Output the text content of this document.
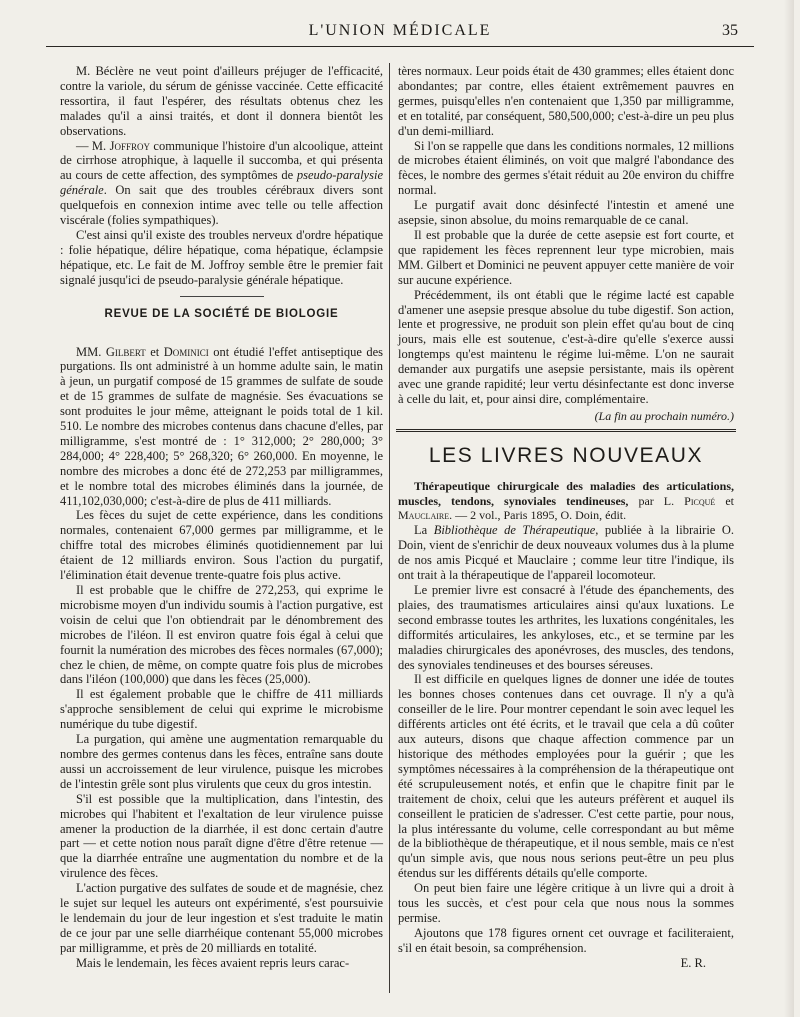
L'UNION MÉDICALE	35

M. Béclère ne veut point d'ailleurs préjuger de l'efficacité, contre la variole, du sérum de génisse vaccinée. Cette efficacité ressortira, il faut l'espérer, des résultats obtenus chez les malades qu'il a ainsi traités, et dont il donnera bientôt les observations.

— M. Joffroy communique l'histoire d'un alcoolique, atteint de cirrhose atrophique, à laquelle il succomba, et qui présenta au cours de cette affection, des symptômes de pseudo-paralysie générale. On sait que des troubles cérébraux divers sont quelquefois en connexion intime avec telle ou telle affection viscérale (folies sympathiques).

C'est ainsi qu'il existe des troubles nerveux d'ordre hépatique : folie hépatique, délire hépatique, coma hépatique, éclampsie hépatique, etc. Le fait de M. Joffroy semble être le premier fait signalé jusqu'ici de pseudo-paralysie générale hépatique.

REVUE DE LA SOCIÉTÉ DE BIOLOGIE

MM. Gilbert et Dominici ont étudié l'effet antiseptique des purgations. Ils ont administré à un homme adulte sain, le matin à jeun, un purgatif composé de 15 grammes de sulfate de soude et de 15 grammes de sulfate de magnésie. Ses évacuations se sont produites le jour même, atteignant le poids total de 1 kil. 510. Le nombre des microbes contenus dans chacune d'elles, par milligramme, s'est montré de : 1° 312,000; 2° 280,000; 3° 284,000; 4° 228,400; 5° 268,320; 6° 260,000. En moyenne, le nombre des microbes a donc été de 272,253 par milligrammes, et le nombre total des microbes éliminés dans la journée, de 411,102,030,000; c'est-à-dire de plus de 411 milliards.

Les fèces du sujet de cette expérience, dans les conditions normales, contenaient 67,000 germes par milligramme, et le chiffre total des microbes éliminés quotidiennement par lui étaient de 12 milliards environ. Sous l'action du purgatif, l'élimination était devenue trente-quatre fois plus active.

Il est probable que le chiffre de 272,253, qui exprime le microbisme moyen d'un individu soumis à l'action purgative, est voisin de celui que l'on obtiendrait par le dénombrement des microbes de l'iléon. Il est environ quatre fois égal à celui que fournit la numération des microbes des fèces normales (67,000); chez le chien, de même, on compte quatre fois plus de microbes dans l'iléon (100,000) que dans les fèces (25,000).

Il est également probable que le chiffre de 411 milliards s'approche sensiblement de celui qui exprime le microbisme numérique du tube digestif.

La purgation, qui amène une augmentation remarquable du nombre des germes contenus dans les fèces, entraîne sans doute aussi un accroissement de leur virulence, puisque les microbes de l'intestin grêle sont plus virulents que ceux du gros intestin.

S'il est possible que la multiplication, dans l'intestin, des microbes qui l'habitent et l'exaltation de leur virulence puisse amener la production de la diarrhée, il est donc certain d'autre part — et cette notion nous paraît digne d'être d'être retenue — que la diarrhée entraîne une augmentation du nombre et de la virulence des fèces.

L'action purgative des sulfates de soude et de magnésie, chez le sujet sur lequel les auteurs ont expérimenté, s'est poursuivie le lendemain du jour de leur ingestion et s'est traduite le matin de ce jour par une selle diarrhéique contenant 55,000 microbes par milligramme, et près de 20 milliards en totalité.

Mais le lendemain, les fèces avaient repris leurs carac-

tères normaux. Leur poids était de 430 grammes; elles étaient donc abondantes; par contre, elles étaient extrêmement pauvres en germes, puisqu'elles n'en contenaient que 1,350 par milligramme, et en totalité, par conséquent, 580,500,000; c'est-à-dire un peu plus d'un demi-milliard.

Si l'on se rappelle que dans les conditions normales, 12 millions de microbes étaient éliminés, on voit que malgré l'abondance des fèces, le nombre des germes s'était réduit au 20e environ du chiffre normal.

Le purgatif avait donc désinfecté l'intestin et amené une asepsie, sinon absolue, du moins remarquable de ce canal.

Il est probable que la durée de cette asepsie est fort courte, et que rapidement les fèces reprennent leur type microbien, mais MM. Gilbert et Dominici ne peuvent appuyer cette manière de voir sur aucune expérience.

Précédemment, ils ont établi que le régime lacté est capable d'amener une asepsie presque absolue du tube digestif. Son action, lente et progressive, ne produit son plein effet qu'au bout de cinq jours, mais elle est soutenue, c'est-à-dire qu'elle s'exerce aussi longtemps qu'est maintenu le régime lui-même. L'on ne saurait demander aux purgatifs une asepsie persistante, mais ils opèrent avec une grande rapidité; leur vertu désinfectante est donc inverse à celle du lait, et, pour ainsi dire, complémentaire.

(La fin au prochain numéro.)

LES LIVRES NOUVEAUX

Thérapeutique chirurgicale des maladies des articulations, muscles, tendons, synoviales tendineuses, par L. Picqué et Mauclaire. — 2 vol., Paris 1895, O. Doin, édit.

La Bibliothèque de Thérapeutique, publiée à la librairie O. Doin, vient de s'enrichir de deux nouveaux volumes dus à la plume de nos amis Picqué et Mauclaire ; comme leur titre l'indique, ils ont trait à la thérapeutique de l'appareil locomoteur.

Le premier livre est consacré à l'étude des épanchements, des plaies, des traumatismes articulaires ainsi qu'aux luxations. Le second embrasse toutes les arthrites, les luxations congénitales, les difformités articulaires, les ankyloses, etc., et se termine par les maladies chirurgicales des aponévroses, des muscles, des tendons, des synoviales tendineuses et des bourses séreuses.

Il est difficile en quelques lignes de donner une idée de toutes les bonnes choses contenues dans cet ouvrage. Il n'y a qu'à conseiller de le lire. Pour montrer cependant le soin avec lequel les différents articles ont été écrits, et le travail que cela a dû coûter aux auteurs, disons que chaque affection commence par un historique des méthodes employées pour la guérir ; que les symptômes nécessaires à la compréhension de la thérapeutique ont été scrupuleusement notés, et enfin que le chapitre finit par le traitement de choix, celui que les auteurs préfèrent et auquel ils conseillent le praticien de s'adresser. C'est cette partie, pour nous, la plus intéressante du volume, celle correspondant au but même de la bibliothèque de thérapeutique, et il nous semble, mais ce n'est qu'un simple avis, que nous nous serions peut-être un peu plus étendus sur les différents détails qu'elle comporte.

On peut bien faire une légère critique à un livre qui a droit à tous les succès, et c'est pour cela que nous nous la sommes permise.

Ajoutons que 178 figures ornent cet ouvrage et faciliteraient, s'il en était besoin, sa compréhension.

E. R.
